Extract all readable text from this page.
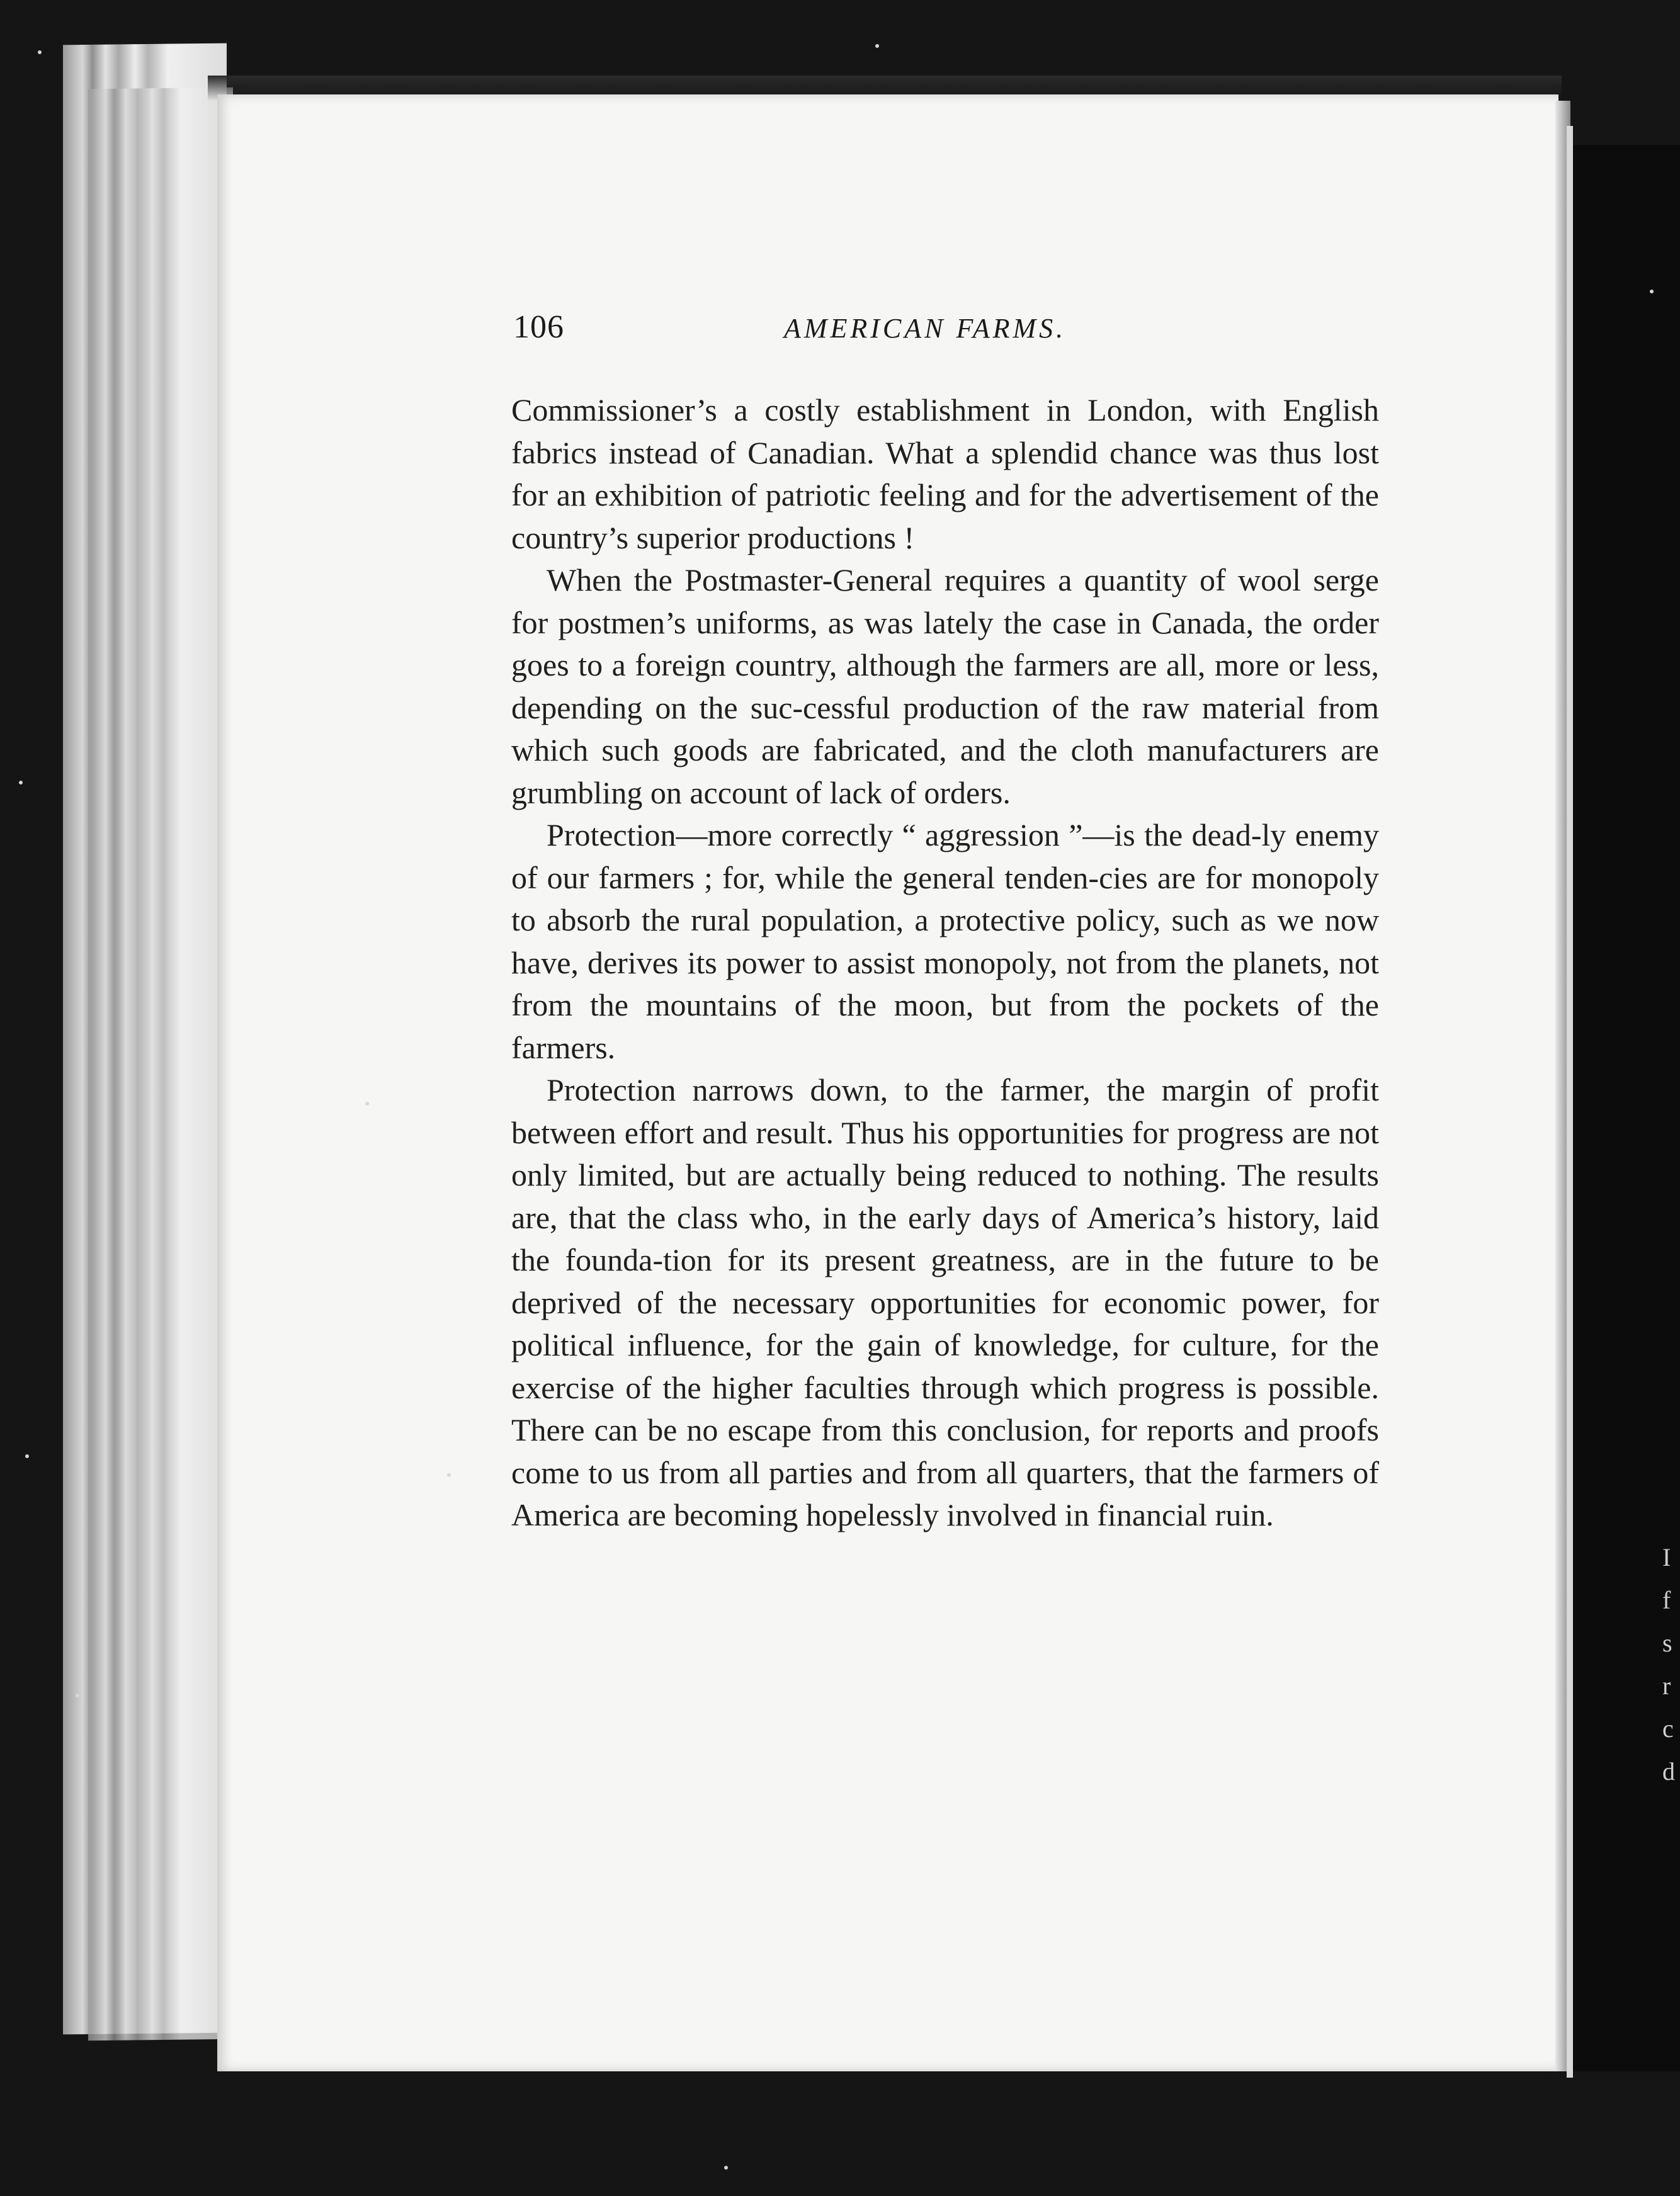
I
f
s
r
c
d
106	AMERICAN FARMS.

Commissioner’s a costly establishment in London, with English fabrics instead of Canadian. What a splendid chance was thus lost for an exhibition of patriotic feeling and for the advertisement of the country’s superior productions !

When the Postmaster-General requires a quantity of wool serge for postmen’s uniforms, as was lately the case in Canada, the order goes to a foreign country, although the farmers are all, more or less, depending on the suc-cessful production of the raw material from which such goods are fabricated, and the cloth manufacturers are grumbling on account of lack of orders.

Protection—more correctly “ aggression ”—is the dead-ly enemy of our farmers ; for, while the general tenden-cies are for monopoly to absorb the rural population, a protective policy, such as we now have, derives its power to assist monopoly, not from the planets, not from the mountains of the moon, but from the pockets of the farmers.

Protection narrows down, to the farmer, the margin of profit between effort and result. Thus his opportunities for progress are not only limited, but are actually being reduced to nothing. The results are, that the class who, in the early days of America’s history, laid the founda-tion for its present greatness, are in the future to be deprived of the necessary opportunities for economic power, for political influence, for the gain of knowledge, for culture, for the exercise of the higher faculties through which progress is possible. There can be no escape from this conclusion, for reports and proofs come to us from all parties and from all quarters, that the farmers of America are becoming hopelessly involved in financial ruin.
